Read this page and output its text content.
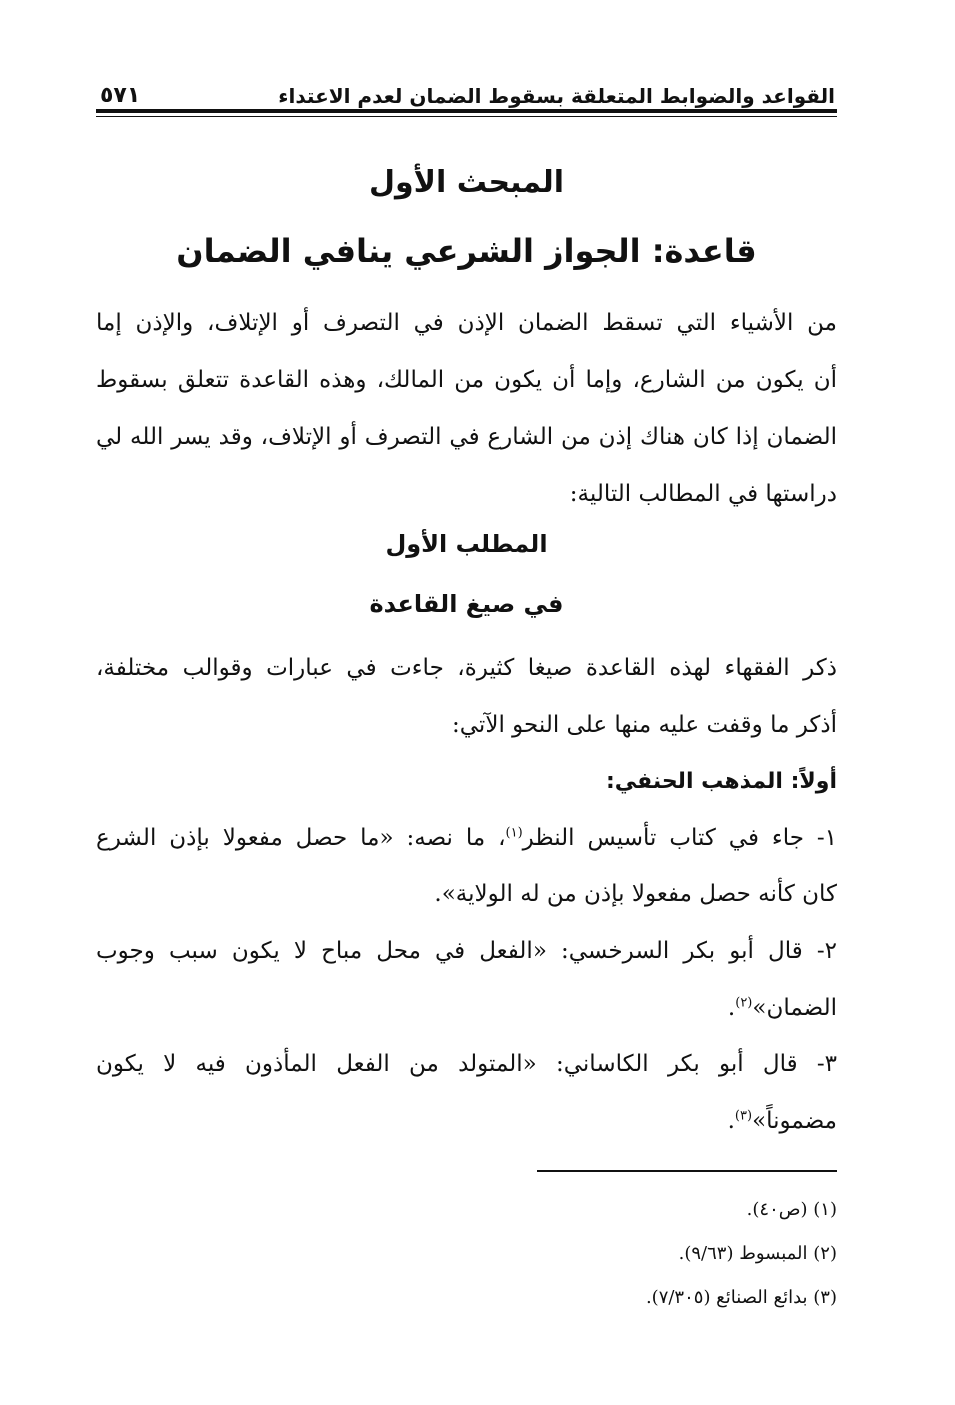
القواعد والضوابط المتعلقة بسقوط الضمان لعدم الاعتداء
٥٧١
المبحث الأول
قاعدة: الجواز الشرعي ينافي الضمان
من الأشياء التي تسقط الضمان الإذن في التصرف أو الإتلاف، والإذن إما
أن يكون من الشارع، وإما أن يكون من المالك، وهذه القاعدة تتعلق بسقوط
الضمان إذا كان هناك إذن من الشارع في التصرف أو الإتلاف، وقد يسر الله لي
دراستها في المطالب التالية:
المطلب الأول
في صيغ القاعدة
ذكر الفقهاء لهذه القاعدة صيغا كثيرة، جاءت في عبارات وقوالب مختلفة،
أذكر ما وقفت عليه منها على النحو الآتي:
أولاً: المذهب الحنفي:
١- جاء في كتاب تأسيس النظر$^{(١)}$، ما نصه: «ما حصل مفعولا بإذن الشرع
كان كأنه حصل مفعولا بإذن من له الولاية».
٢- قال أبو بكر السرخسي: «الفعل في محل مباح لا يكون سبب وجوب
الضمان»$^{(٢)}$.
٣- قال أبو بكر الكاساني: «المتولد من الفعل المأذون فيه لا يكون
مضموناً»$^{(٣)}$.
(١) (ص٤٠).
(٢) المبسوط (٩/٦٣).
(٣) بدائع الصنائع (٧/٣٠٥).
